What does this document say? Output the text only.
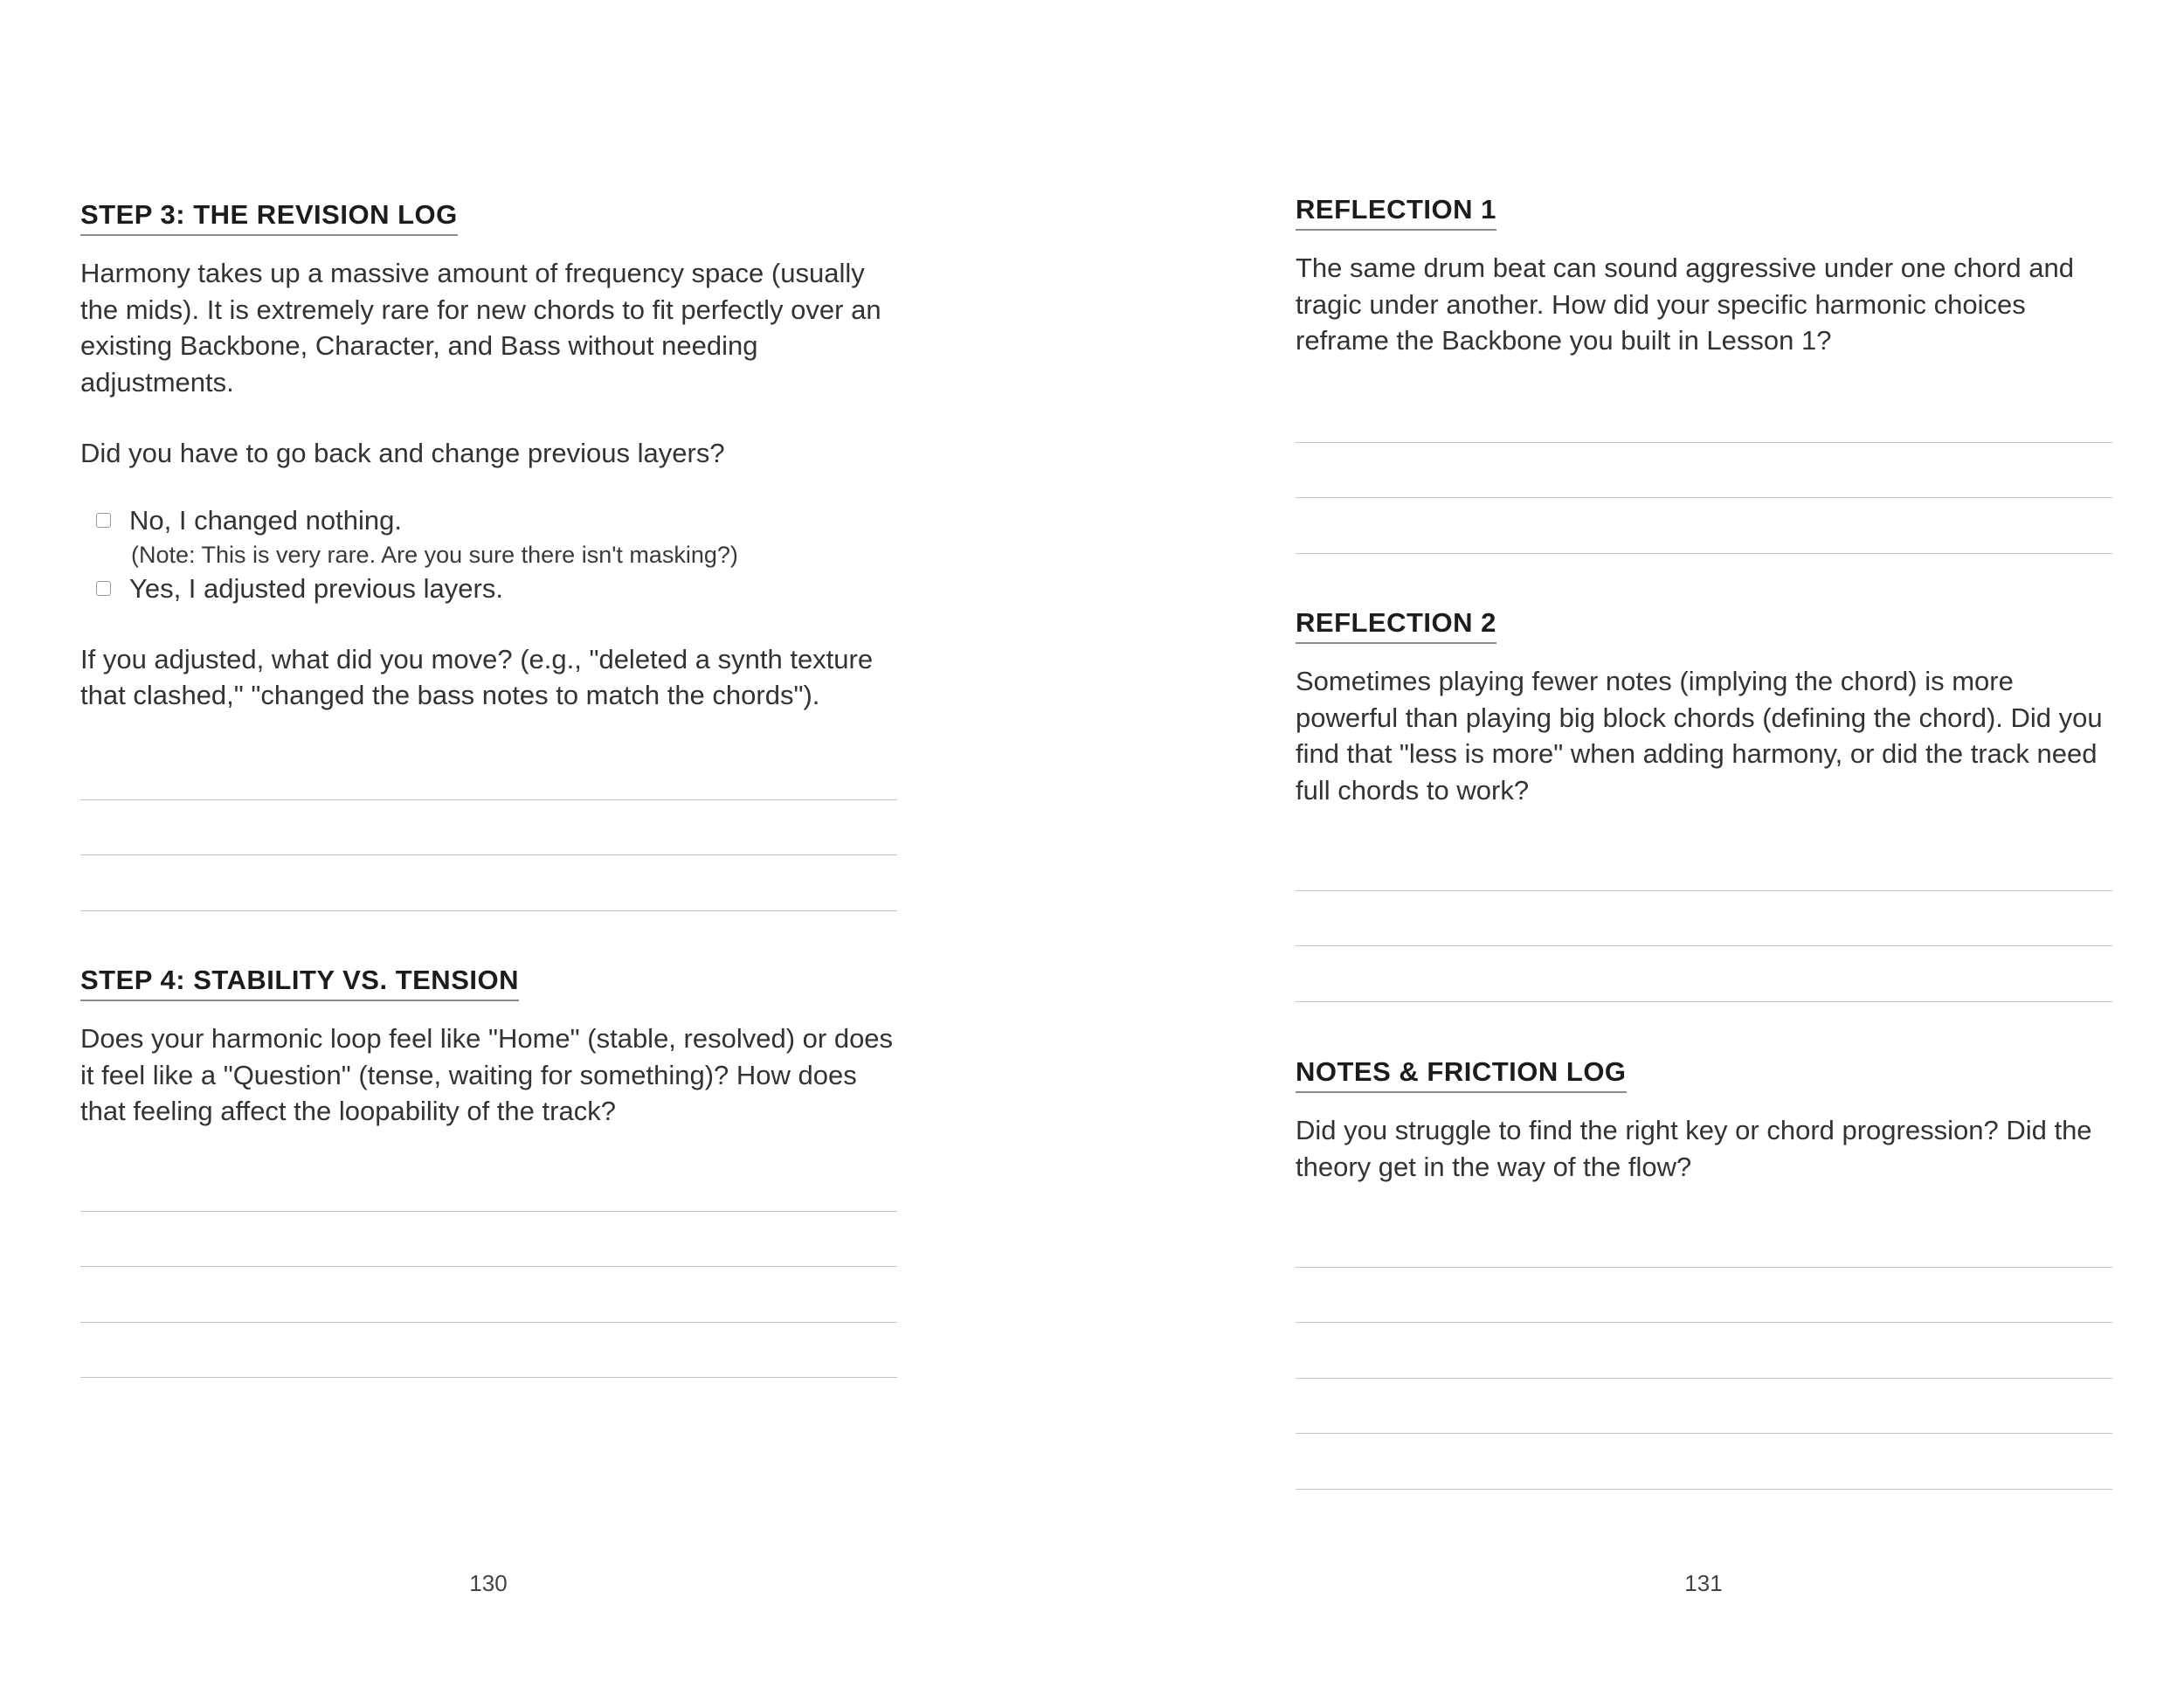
STEP 3: THE REVISION LOG

Harmony takes up a massive amount of frequency space (usually the mids). It is extremely rare for new chords to fit perfectly over an existing Backbone, Character, and Bass without needing adjustments.

Did you have to go back and change previous layers?

No, I changed nothing.
(Note: This is very rare. Are you sure there isn't masking?)
Yes, I adjusted previous layers.

If you adjusted, what did you move? (e.g., "deleted a synth texture that clashed," "changed the bass notes to match the chords").

STEP 4: STABILITY VS. TENSION

Does your harmonic loop feel like "Home" (stable, resolved) or does it feel like a "Question" (tense, waiting for something)? How does that feeling affect the loopability of the track?

130
REFLECTION 1

The same drum beat can sound aggressive under one chord and tragic under another. How did your specific harmonic choices reframe the Backbone you built in Lesson 1?

REFLECTION 2

Sometimes playing fewer notes (implying the chord) is more powerful than playing big block chords (defining the chord). Did you find that "less is more" when adding harmony, or did the track need full chords to work?

NOTES & FRICTION LOG

Did you struggle to find the right key or chord progression? Did the theory get in the way of the flow?

131
